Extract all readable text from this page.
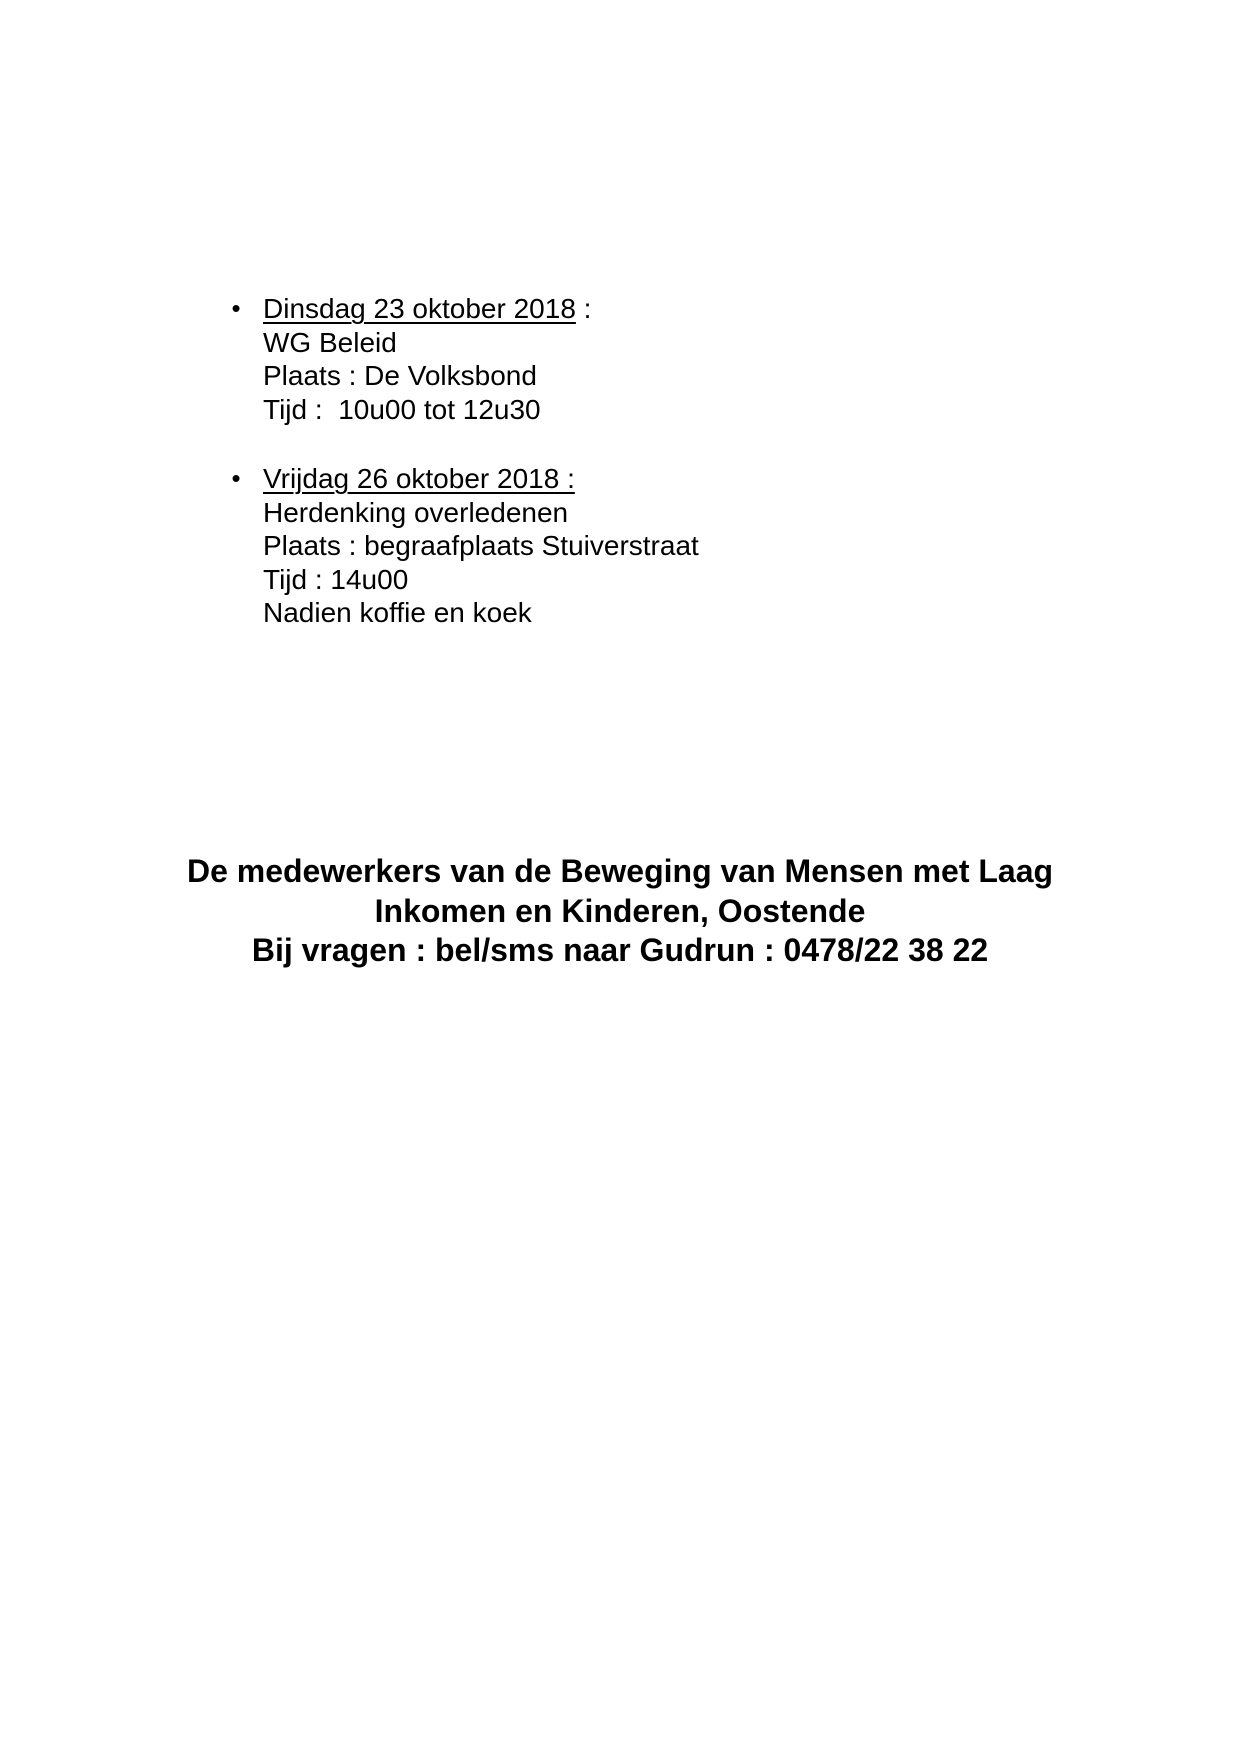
• Dinsdag 23 oktober 2018 :
WG Beleid
Plaats : De Volksbond
Tijd :  10u00 tot 12u30
• Vrijdag 26 oktober 2018 :
Herdenking overledenen
Plaats : begraafplaats Stuiverstraat
Tijd : 14u00
Nadien koffie en koek
De medewerkers van de Beweging van Mensen met Laag
Inkomen en Kinderen, Oostende
Bij vragen : bel/sms naar Gudrun : 0478/22 38 22
